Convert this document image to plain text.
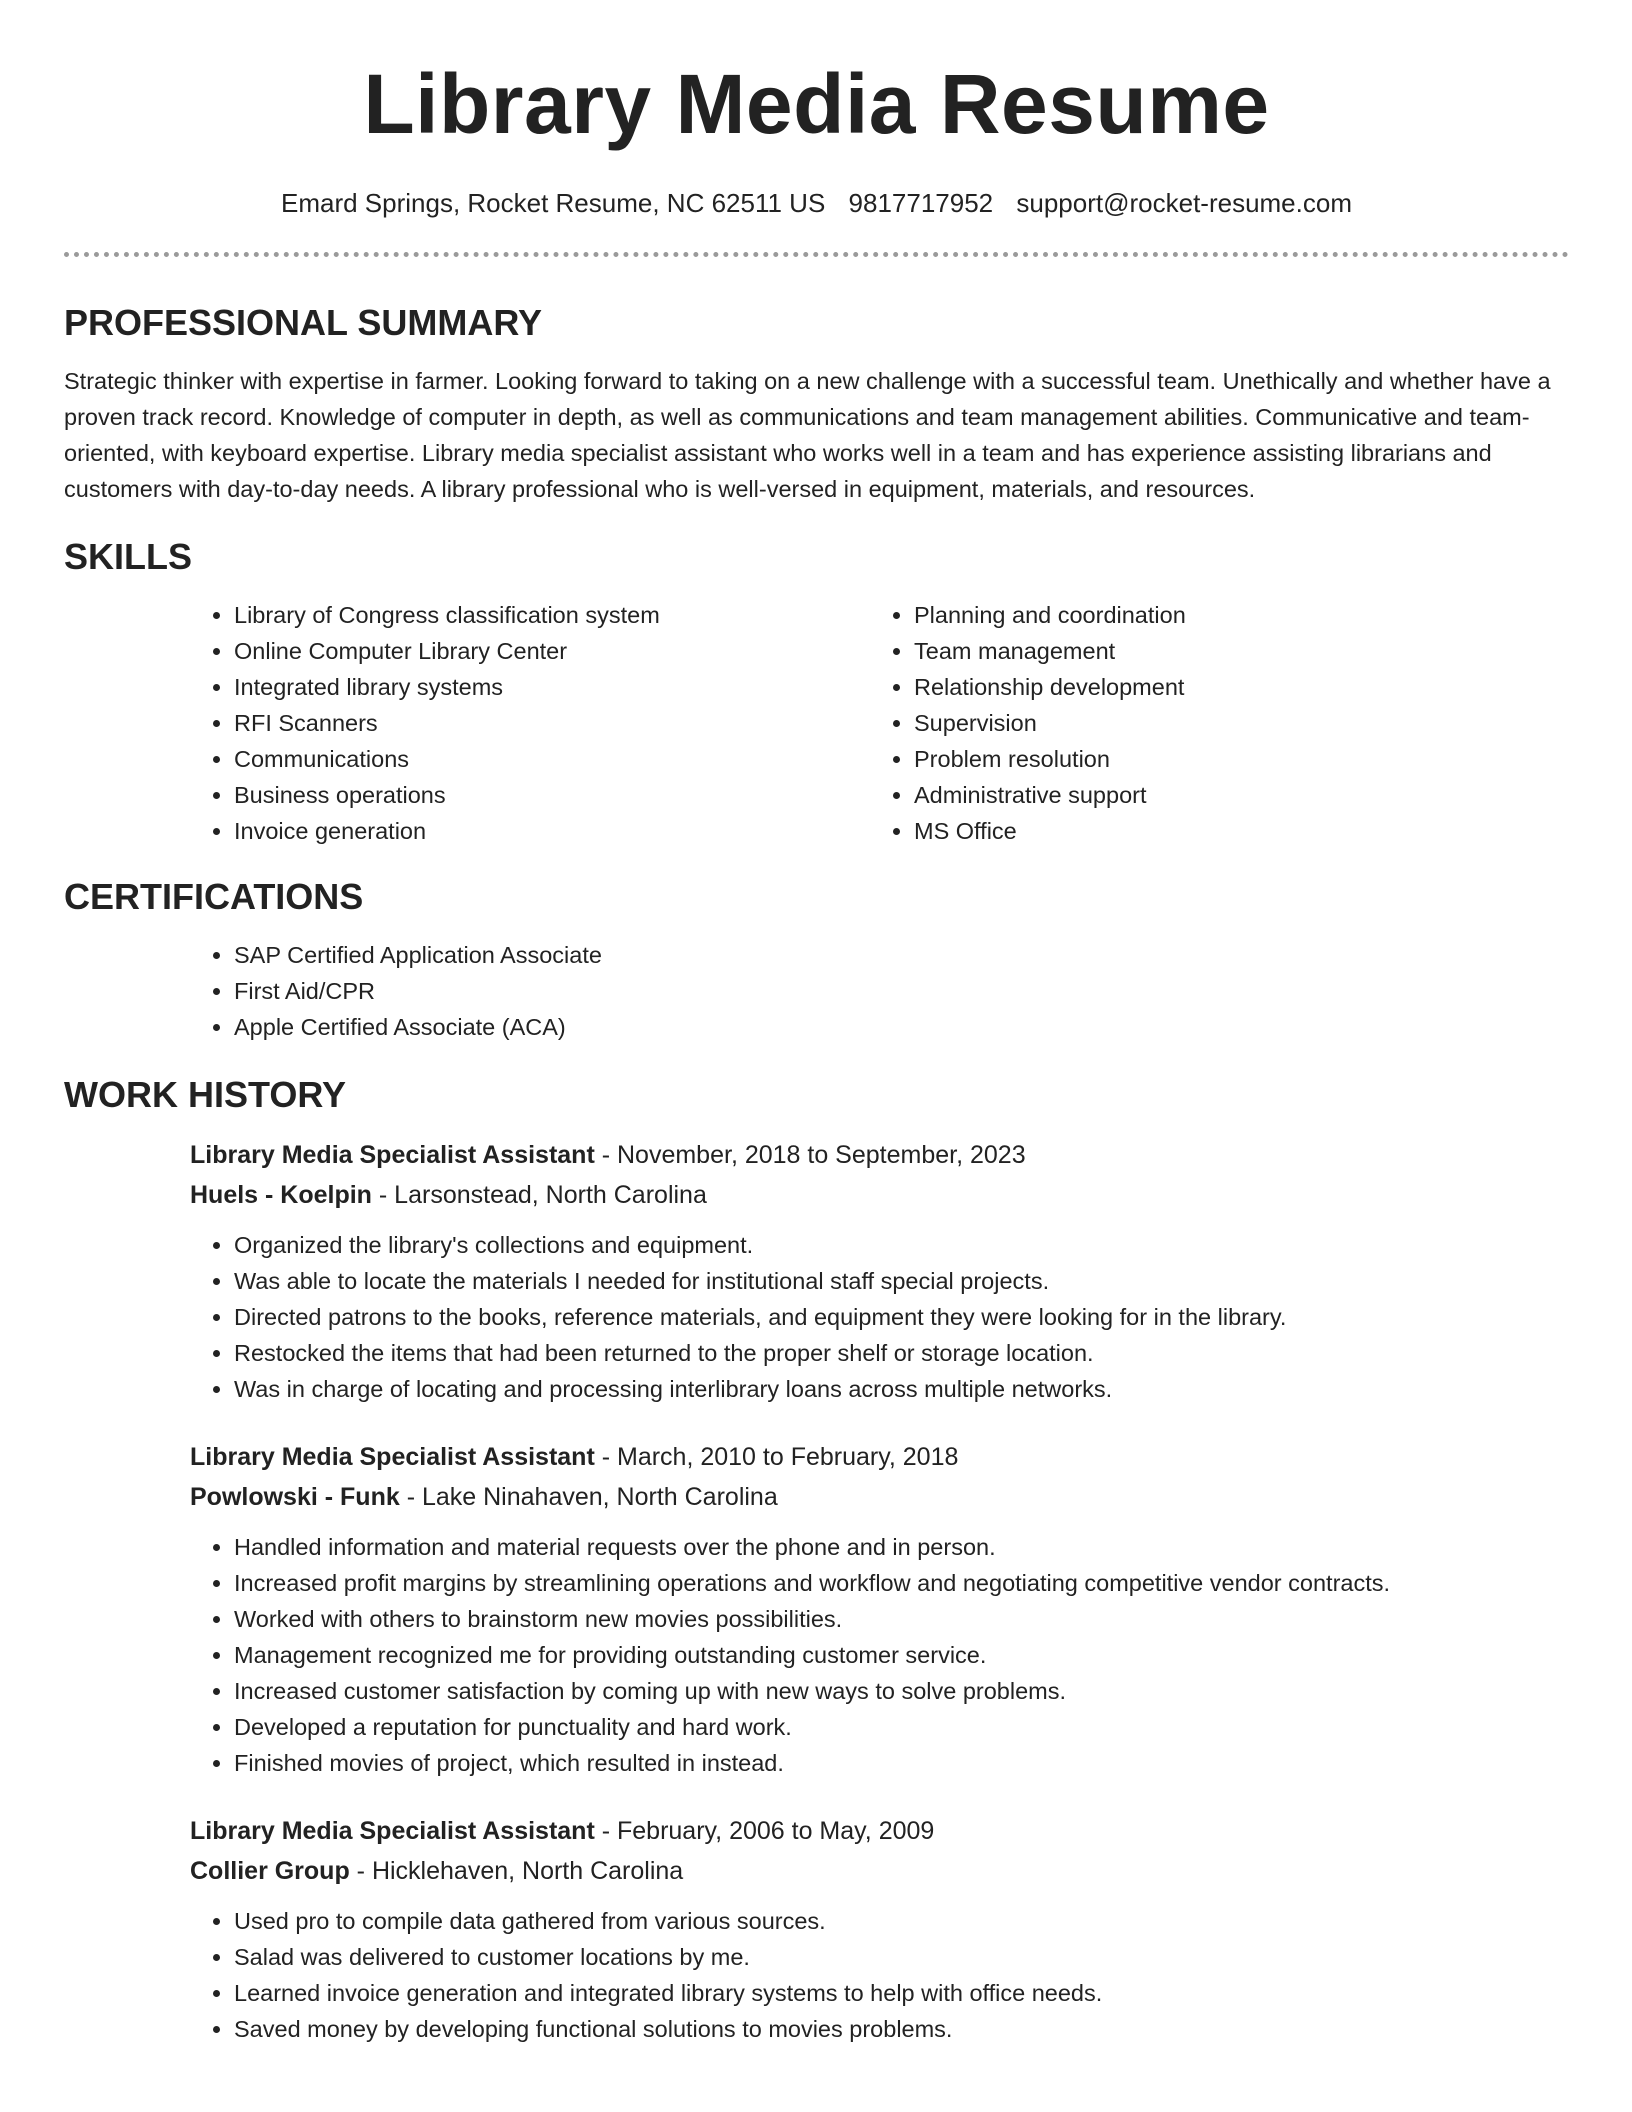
Library Media Resume
Emard Springs, Rocket Resume, NC 62511 US 9817717952 support@rocket-resume.com
PROFESSIONAL SUMMARY

Strategic thinker with expertise in farmer. Looking forward to taking on a new challenge with a successful team. Unethically and whether have a proven track record. Knowledge of computer in depth, as well as communications and team management abilities. Communicative and team-oriented, with keyboard expertise. Library media specialist assistant who works well in a team and has experience assisting librarians and customers with day-to-day needs. A library professional who is well-versed in equipment, materials, and resources.

SKILLS
• Library of Congress classification system
• Online Computer Library Center
• Integrated library systems
• RFI Scanners
• Communications
• Business operations
• Invoice generation
• Planning and coordination
• Team management
• Relationship development
• Supervision
• Problem resolution
• Administrative support
• MS Office
CERTIFICATIONS
• SAP Certified Application Associate
• First Aid/CPR
• Apple Certified Associate (ACA)
WORK HISTORY
Library Media Specialist Assistant - November, 2018 to September, 2023
Huels - Koelpin - Larsonstead, North Carolina
• Organized the library's collections and equipment.
• Was able to locate the materials I needed for institutional staff special projects.
• Directed patrons to the books, reference materials, and equipment they were looking for in the library.
• Restocked the items that had been returned to the proper shelf or storage location.
• Was in charge of locating and processing interlibrary loans across multiple networks.
Library Media Specialist Assistant - March, 2010 to February, 2018
Powlowski - Funk - Lake Ninahaven, North Carolina
• Handled information and material requests over the phone and in person.
• Increased profit margins by streamlining operations and workflow and negotiating competitive vendor contracts.
• Worked with others to brainstorm new movies possibilities.
• Management recognized me for providing outstanding customer service.
• Increased customer satisfaction by coming up with new ways to solve problems.
• Developed a reputation for punctuality and hard work.
• Finished movies of project, which resulted in instead.
Library Media Specialist Assistant - February, 2006 to May, 2009
Collier Group - Hicklehaven, North Carolina
• Used pro to compile data gathered from various sources.
• Salad was delivered to customer locations by me.
• Learned invoice generation and integrated library systems to help with office needs.
• Saved money by developing functional solutions to movies problems.
